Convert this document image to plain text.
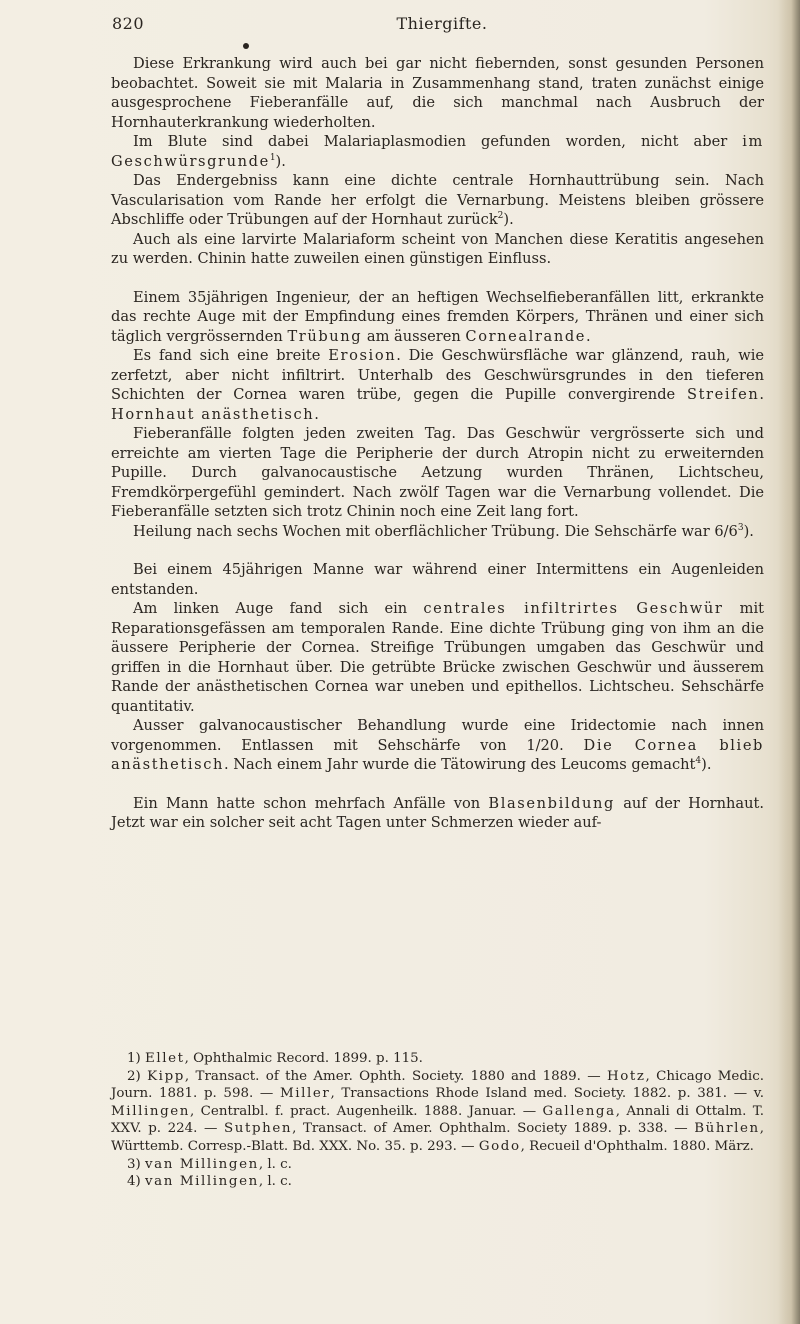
820	Thiergifte.

Diese Erkrankung wird auch bei gar nicht fiebernden, sonst gesunden Personen beobachtet. Soweit sie mit Malaria in Zusammenhang stand, traten zunächst einige ausgesprochene Fieberanfälle auf, die sich manchmal nach Ausbruch der Hornhauterkrankung wiederholten.

Im Blute sind dabei Malariaplasmodien gefunden worden, nicht aber im Geschwürsgrunde$^1$).

Das Endergebniss kann eine dichte centrale Hornhauttrübung sein. Nach Vascularisation vom Rande her erfolgt die Vernarbung. Meistens bleiben grössere Abschliffe oder Trübungen auf der Hornhaut zurück$^2$).

Auch als eine larvirte Malariaform scheint von Manchen diese Keratitis angesehen zu werden. Chinin hatte zuweilen einen günstigen Einfluss.

Einem 35jährigen Ingenieur, der an heftigen Wechselfieberanfällen litt, erkrankte das rechte Auge mit der Empfindung eines fremden Körpers, Thränen und einer sich täglich vergrössernden Trübung am äusseren Cornealrande.

Es fand sich eine breite Erosion. Die Geschwürsfläche war glänzend, rauh, wie zerfetzt, aber nicht infiltrirt. Unterhalb des Geschwürsgrundes in den tieferen Schichten der Cornea waren trübe, gegen die Pupille convergirende Streifen. Hornhaut anästhetisch.

Fieberanfälle folgten jeden zweiten Tag. Das Geschwür vergrösserte sich und erreichte am vierten Tage die Peripherie der durch Atropin nicht zu erweiternden Pupille. Durch galvanocaustische Aetzung wurden Thränen, Lichtscheu, Fremdkörpergefühl gemindert. Nach zwölf Tagen war die Vernarbung vollendet. Die Fieberanfälle setzten sich trotz Chinin noch eine Zeit lang fort.

Heilung nach sechs Wochen mit oberflächlicher Trübung. Die Sehschärfe war $6/6^3$).

Bei einem 45jährigen Manne war während einer Intermittens ein Augenleiden entstanden.

Am linken Auge fand sich ein centrales infiltrirtes Geschwür mit Reparationsgefässen am temporalen Rande. Eine dichte Trübung ging von ihm an die äussere Peripherie der Cornea. Streifige Trübungen umgaben das Geschwür und griffen in die Hornhaut über. Die getrübte Brücke zwischen Geschwür und äusserem Rande der anästhetischen Cornea war uneben und epithellos. Lichtscheu. Sehschärfe quantitativ.

Ausser galvanocaustischer Behandlung wurde eine Iridectomie nach innen vorgenommen. Entlassen mit Sehschärfe von 1/20. Die Cornea blieb anästhetisch. Nach einem Jahr wurde die Tätowirung des Leucoms gemacht$^4$).

Ein Mann hatte schon mehrfach Anfälle von Blasenbildung auf der Hornhaut. Jetzt war ein solcher seit acht Tagen unter Schmerzen wieder auf-

1) Ellet, Ophthalmic Record. 1899. p. 115.

2) Kipp, Transact. of the Amer. Ophth. Society. 1880 and 1889. — Hotz, Chicago Medic. Journ. 1881. p. 598. — Miller, Transactions Rhode Island med. Society. 1882. p. 381. — v. Millingen, Centralbl. f. pract. Augenheilk. 1888. Januar. — Gallenga, Annali di Ottalm. T. XXV. p. 224. — Sutphen, Transact. of Amer. Ophthalm. Society 1889. p. 338. — Bührlen, Württemb. Corresp.-Blatt. Bd. XXX. No. 35. p. 293. — Godo, Recueil d'Ophthalm. 1880. März.

3) van Millingen, l. c.

4) van Millingen, l. c.
